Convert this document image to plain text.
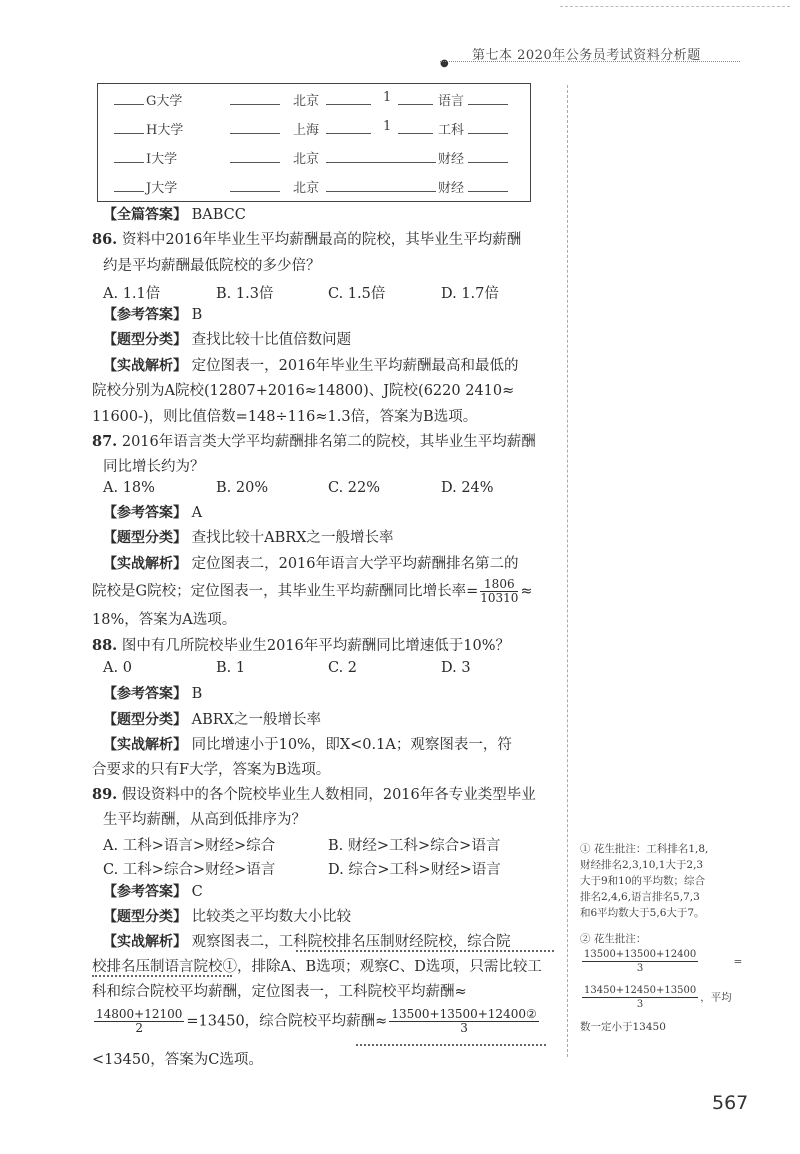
第七本 2020年公务员考试资料分析题
●
G大学	北京	1	语言
H大学	上海	1	工科
I大学	北京	财经
J大学	北京	财经
【全篇答案】 BABCC
86. 资料中2016年毕业生平均薪酬最高的院校，其毕业生平均薪酬
约是平均薪酬最低院校的多少倍？
A. 1.1倍	B. 1.3倍	C. 1.5倍	D. 1.7倍
【参考答案】 B
【题型分类】 查找比较十比值倍数问题
【实战解析】 定位图表一，2016年毕业生平均薪酬最高和最低的
院校分别为A院校(12807+2016≈14800)、J院校(6220 2410≈
11600-)，则比值倍数=148÷116≈1.3倍，答案为B选项。
87. 2016年语言类大学平均薪酬排名第二的院校，其毕业生平均薪酬
同比增长约为？
A. 18%	B. 20%	C. 22%	D. 24%
【参考答案】 A
【题型分类】 查找比较十ABRX之一般增长率
【实战解析】 定位图表二，2016年语言大学平均薪酬排名第二的
院校是G院校；定位图表一，其毕业生平均薪酬同比增长率= $\frac{1806}{10310}$ ≈
18%，答案为A选项。
88. 图中有几所院校毕业生2016年平均薪酬同比增速低于10%？
A. 0	B. 1	C. 2	D. 3
【参考答案】 B
【题型分类】 ABRX之一般增长率
【实战解析】 同比增速小于10%，即X<0.1A；观察图表一，符
合要求的只有F大学，答案为B选项。
89. 假设资料中的各个院校毕业生人数相同，2016年各专业类型毕业
生平均薪酬，从高到低排序为？
A. 工科>语言>财经>综合	B. 财经>工科>综合>语言
C. 工科>综合>财经>语言	D. 综合>工科>财经>语言
【参考答案】 C
【题型分类】 比较类之平均数大小比较
【实战解析】 观察图表二，工科院校排名压制财经院校，综合院
校排名压制语言院校①，排除A、B选项；观察C、D选项，只需比较工
科和综合院校平均薪酬，定位图表一，工科院校平均薪酬≈
$\frac{14800+12100}{2} =13450$，综合院校平均薪酬≈ $\frac{\text{13500+13500+12400②}}{3}$
<13450，答案为C选项。
① 花生批注：工科排名1,8,
财经排名2,3,10,1大于2,3
大于9和10的平均数；综合
排名2,4,6,语言排名5,7,3
和6平均数大于5,6大于7。
② 花生批注：
$\frac{13500+13500+12400}{3}$	=
$\frac{13450+12450+13500}{3}$ ，平均
数一定小于13450
567
